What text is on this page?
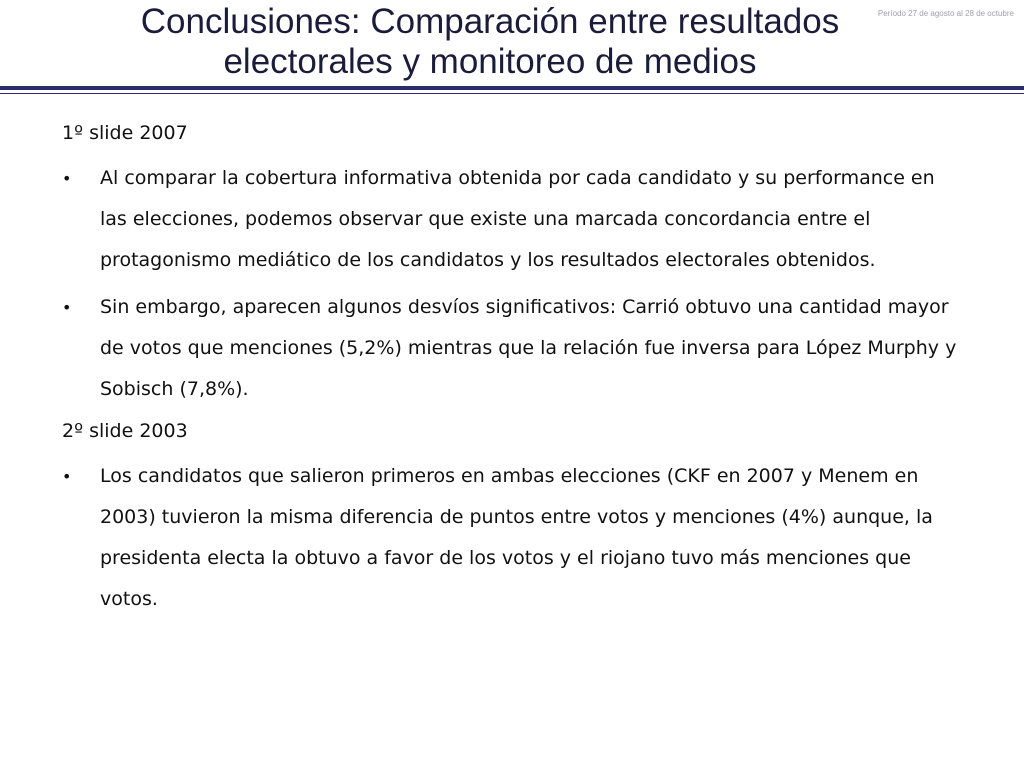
Conclusiones: Comparación entre resultados
electorales y monitoreo de medios
Período 27 de agosto al 28 de octubre
1º slide 2007
• Al comparar la cobertura informativa obtenida por cada candidato y su performance en las elecciones, podemos observar que existe una marcada concordancia entre el protagonismo mediático de los candidatos y los resultados electorales obtenidos.
• Sin embargo, aparecen algunos desvíos significativos: Carrió obtuvo una cantidad mayor de votos que menciones (5,2%) mientras que la relación fue inversa para López Murphy y Sobisch (7,8%).
2º slide 2003
• Los candidatos que salieron primeros en ambas elecciones (CKF en 2007 y Menem en 2003) tuvieron la misma diferencia de puntos entre votos y menciones (4%) aunque, la presidenta electa la obtuvo a favor de los votos y el riojano tuvo más menciones que votos.
